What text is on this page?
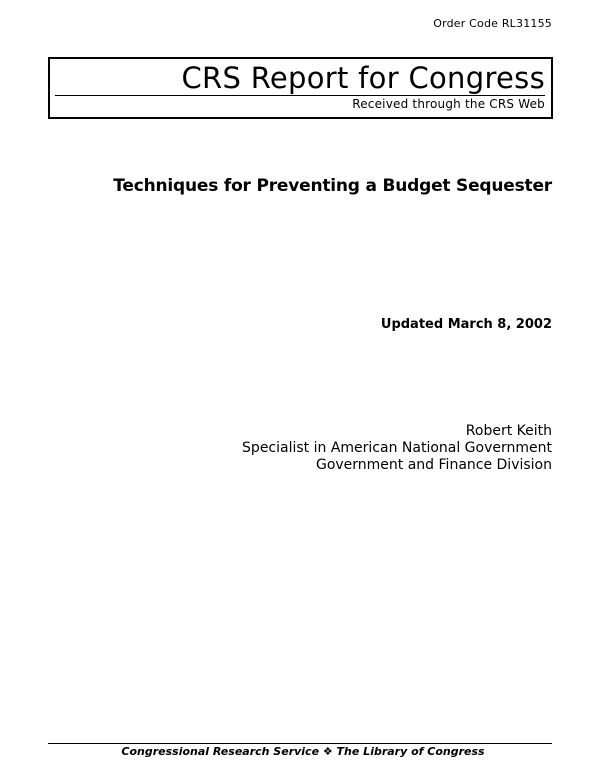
Order Code RL31155
CRS Report for Congress
Received through the CRS Web
Techniques for Preventing a Budget Sequester
Updated March 8, 2002
Robert Keith
Specialist in American National Government
Government and Finance Division
Congressional Research Service ❖ The Library of Congress
